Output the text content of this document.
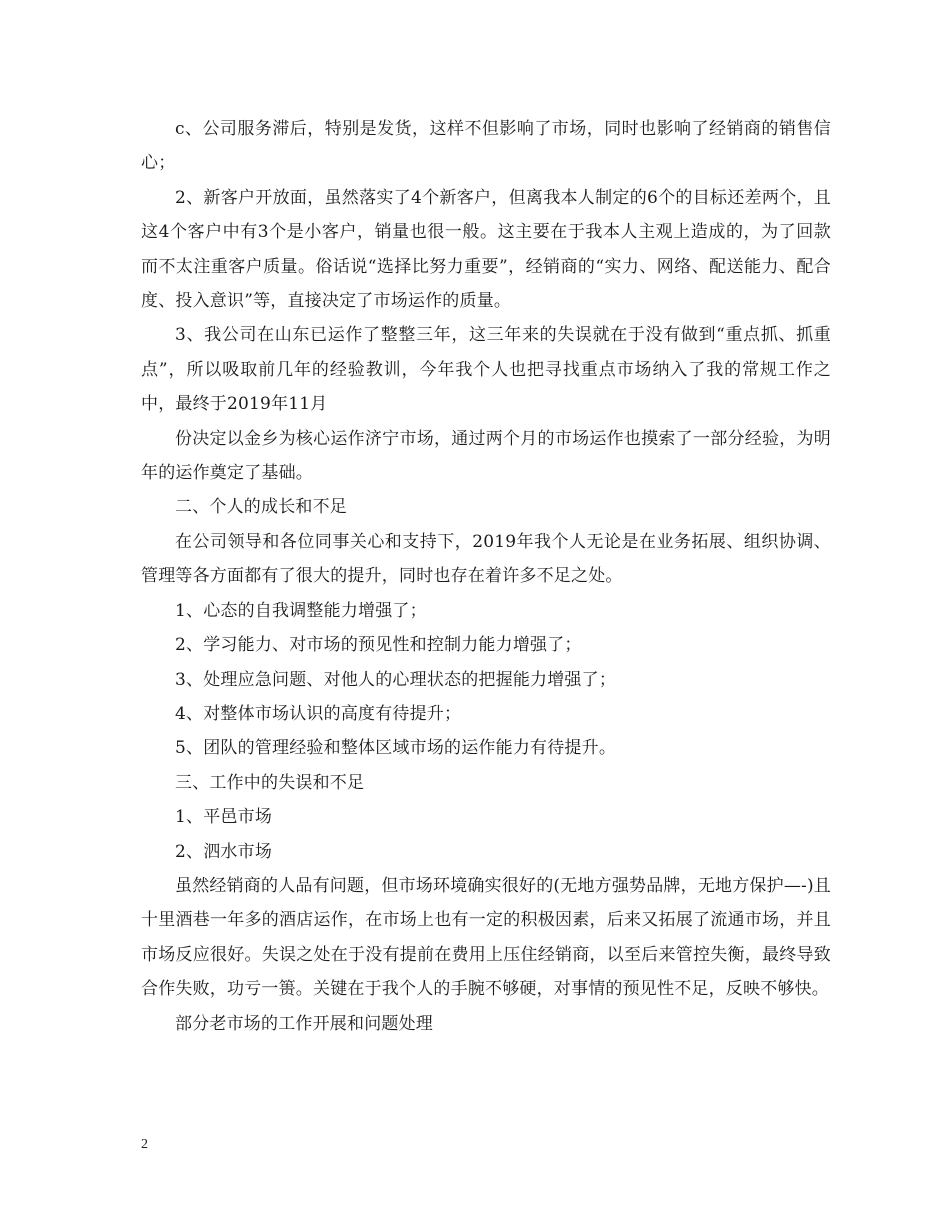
c、公司服务滞后，特别是发货，这样不但影响了市场，同时也影响了经销商的销售信心；

2、新客户开放面，虽然落实了4个新客户，但离我本人制定的6个的目标还差两个，且这4个客户中有3个是小客户，销量也很一般。这主要在于我本人主观上造成的，为了回款而不太注重客户质量。俗话说“选择比努力重要”，经销商的“实力、网络、配送能力、配合度、投入意识”等，直接决定了市场运作的质量。

3、我公司在山东已运作了整整三年，这三年来的失误就在于没有做到“重点抓、抓重点”，所以吸取前几年的经验教训，今年我个人也把寻找重点市场纳入了我的常规工作之中，最终于2019年11月

份决定以金乡为核心运作济宁市场，通过两个月的市场运作也摸索了一部分经验，为明年的运作奠定了基础。

二、个人的成长和不足

在公司领导和各位同事关心和支持下，2019年我个人无论是在业务拓展、组织协调、管理等各方面都有了很大的提升，同时也存在着许多不足之处。

1、心态的自我调整能力增强了；

2、学习能力、对市场的预见性和控制力能力增强了；

3、处理应急问题、对他人的心理状态的把握能力增强了；

4、对整体市场认识的高度有待提升；

5、团队的管理经验和整体区域市场的运作能力有待提升。

三、工作中的失误和不足

1、平邑市场

2、泗水市场

虽然经销商的人品有问题，但市场环境确实很好的(无地方强势品牌，无地方保护—-)且十里酒巷一年多的酒店运作，在市场上也有一定的积极因素，后来又拓展了流通市场，并且市场反应很好。失误之处在于没有提前在费用上压住经销商，以至后来管控失衡，最终导致合作失败，功亏一篑。关键在于我个人的手腕不够硬，对事情的预见性不足，反映不够快。

部分老市场的工作开展和问题处理

2
